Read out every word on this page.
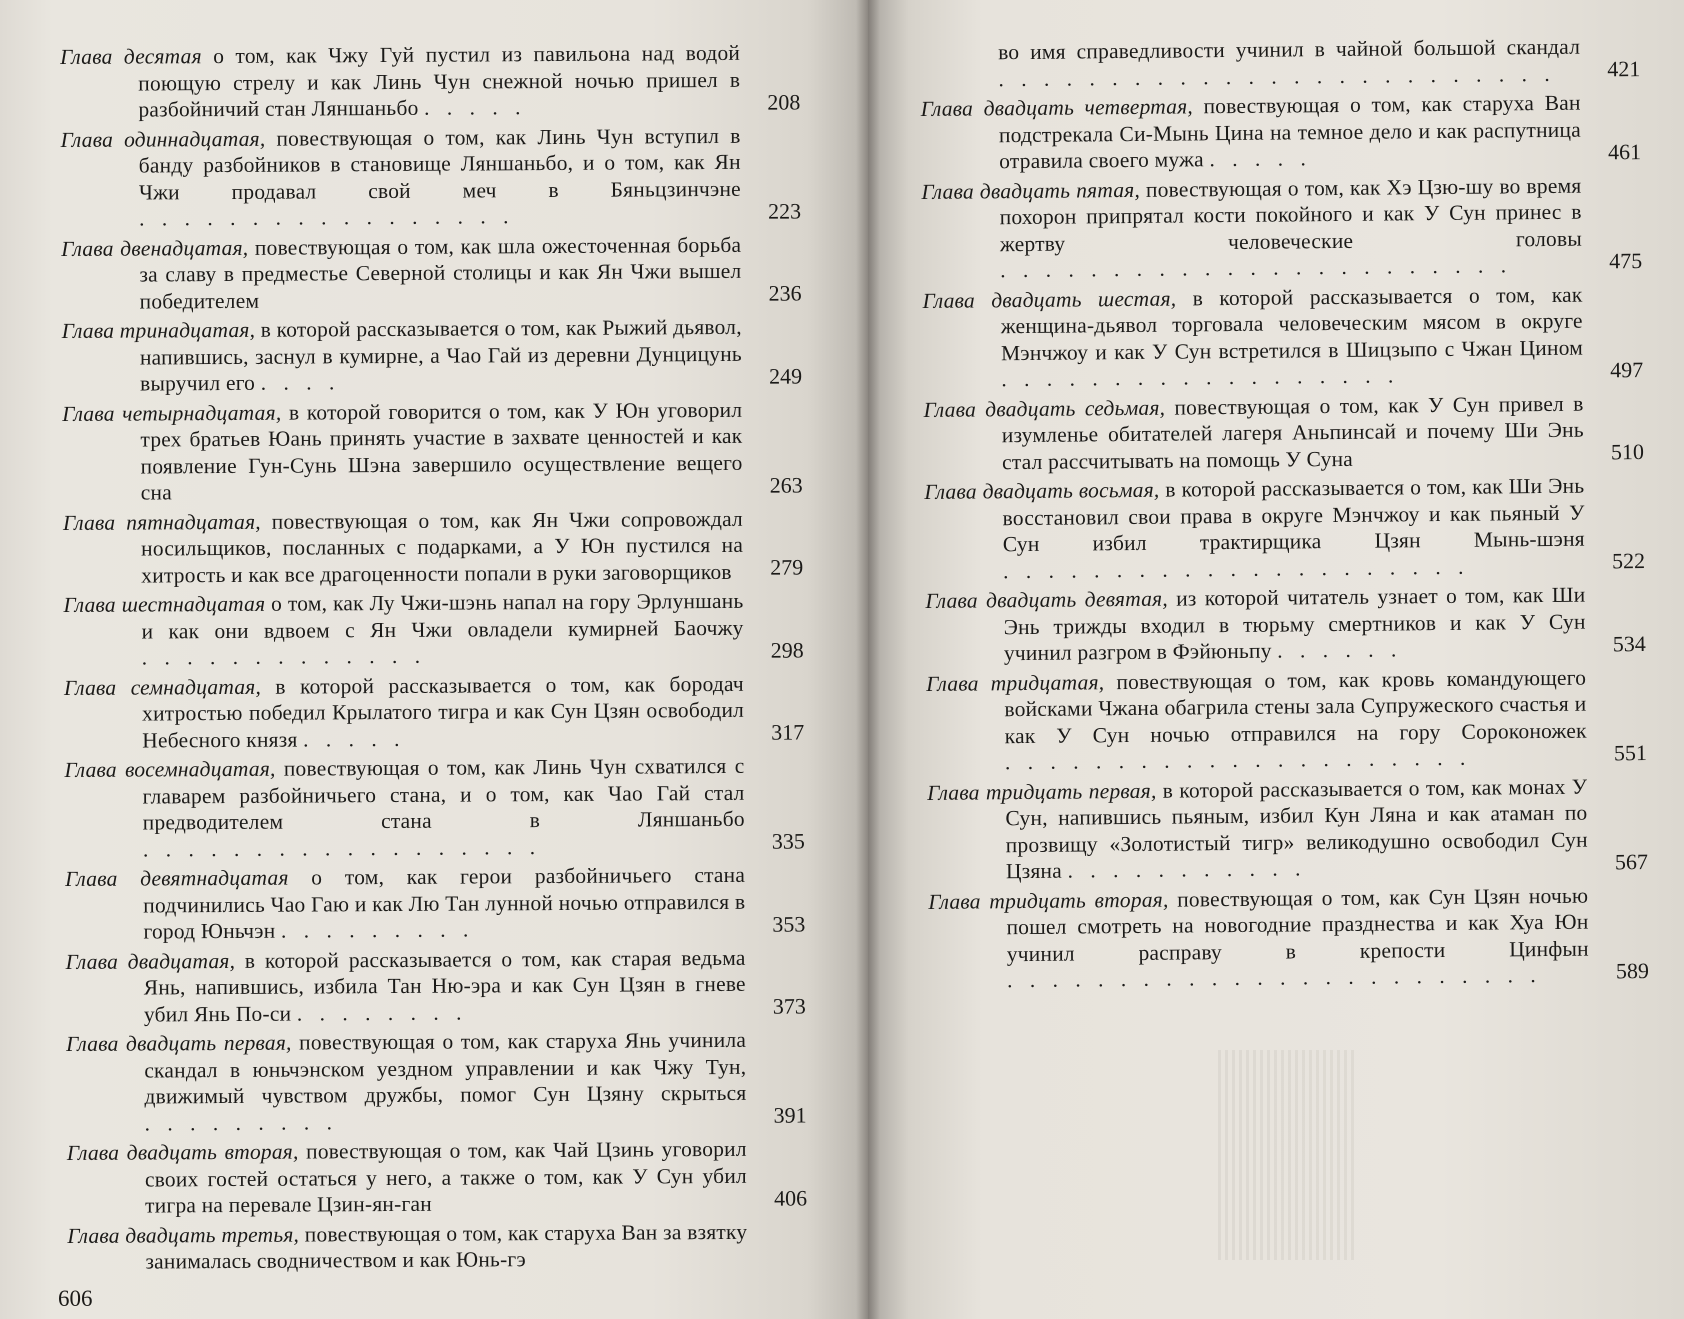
Глава десятая о том, как Чжу Гуй пустил из павильона над водой поющую стрелу и как Линь Чун снежной ночью пришел в разбойничий стан Ляншаньбо . . . . .	208
Глава одиннадцатая, повествующая о том, как Линь Чун вступил в банду разбойников в становище Ляншаньбо, и о том, как Ян Чжи продавал свой меч в Бяньцзинчэне . . . . . . . . . . . . . . . . .	223
Глава двенадцатая, повествующая о том, как шла ожесточенная борьба за славу в предместье Северной столицы и как Ян Чжи вышел победителем	236
Глава тринадцатая, в которой рассказывается о том, как Рыжий дьявол, напившись, заснул в кумирне, а Чао Гай из деревни Дунцицунь выручил его . . . .	249
Глава четырнадцатая, в которой говорится о том, как У Юн уговорил трех братьев Юань принять участие в захвате ценностей и как появление Гун-Сунь Шэна завершило осуществление вещего сна	263
Глава пятнадцатая, повествующая о том, как Ян Чжи сопровождал носильщиков, посланных с подарками, а У Юн пустился на хитрость и как все драгоценности попали в руки заговорщиков	279
Глава шестнадцатая о том, как Лу Чжи-шэнь напал на гору Эрлуншань и как они вдвоем с Ян Чжи овладели кумирней Баочжу . . . . . . . . . . . . .	298
Глава семнадцатая, в которой рассказывается о том, как бородач хитростью победил Крылатого тигра и как Сун Цзян освободил Небесного князя . . . . .	317
Глава восемнадцатая, повествующая о том, как Линь Чун схватился с главарем разбойничьего стана, и о том, как Чао Гай стал предводителем стана в Ляншаньбо . . . . . . . . . . . . . . . . . .	335
Глава девятнадцатая о том, как герои разбойничьего стана подчинились Чао Гаю и как Лю Тан лунной ночью отправился в город Юньчэн . . . . . . . . .	353
Глава двадцатая, в которой рассказывается о том, как старая ведьма Янь, напившись, избила Тан Ню-эра и как Сун Цзян в гневе убил Янь По-си . . . . . . . .	373
Глава двадцать первая, повествующая о том, как старуха Янь учинила скандал в юньчэнском уездном управлении и как Чжу Тун, движимый чувством дружбы, помог Сун Цзяну скрыться . . . . . . . . .	391
Глава двадцать вторая, повествующая о том, как Чай Цзинь уговорил своих гостей остаться у него, а также о том, как У Сун убил тигра на перевале Цзин-ян-ган	406
Глава двадцать третья, повествующая о том, как старуха Ван за взятку занималась сводничеством и как Юнь-гэ
606
во имя справедливости учинил в чайной большой скандал . . . . . . . . . . . . . . . . . . . . . . . . .	421
Глава двадцать четвертая, повествующая о том, как старуха Ван подстрекала Си-Мынь Цина на темное дело и как распутница отравила своего мужа . . . . .	461
Глава двадцать пятая, повествующая о том, как Хэ Цзю-шу во время похорон припрятал кости покойного и как У Сун принес в жертву человеческие головы . . . . . . . . . . . . . . . . . . . . . . .	475
Глава двадцать шестая, в которой рассказывается о том, как женщина-дьявол торговала человеческим мясом в округе Мэнчжоу и как У Сун встретился в Шицзыпо с Чжан Цином . . . . . . . . . . . . . . . . . .	497
Глава двадцать седьмая, повествующая о том, как У Сун привел в изумленье обитателей лагеря Аньпинсай и почему Ши Энь стал рассчитывать на помощь У Суна	510
Глава двадцать восьмая, в которой рассказывается о том, как Ши Энь восстановил свои права в округе Мэнчжоу и как пьяный У Сун избил трактирщика Цзян Мынь-шэня . . . . . . . . . . . . . . . . . . . . .	522
Глава двадцать девятая, из которой читатель узнает о том, как Ши Энь трижды входил в тюрьму смертников и как У Сун учинил разгром в Фэйюньпу . . . . . .	534
Глава тридцатая, повествующая о том, как кровь командующего войсками Чжана обагрила стены зала Супружеского счастья и как У Сун ночью отправился на гору Сороконожек . . . . . . . . . . . . . . . . . . . . .	551
Глава тридцать первая, в которой рассказывается о том, как монах У Сун, напившись пьяным, избил Кун Ляна и как атаман по прозвищу «Золотистый тигр» великодушно освободил Сун Цзяна . . . . . . . . . . .	567
Глава тридцать вторая, повествующая о том, как Сун Цзян ночью пошел смотреть на новогодние празднества и как Хуа Юн учинил расправу в крепости Цинфын . . . . . . . . . . . . . . . . . . . . . . . .	589
